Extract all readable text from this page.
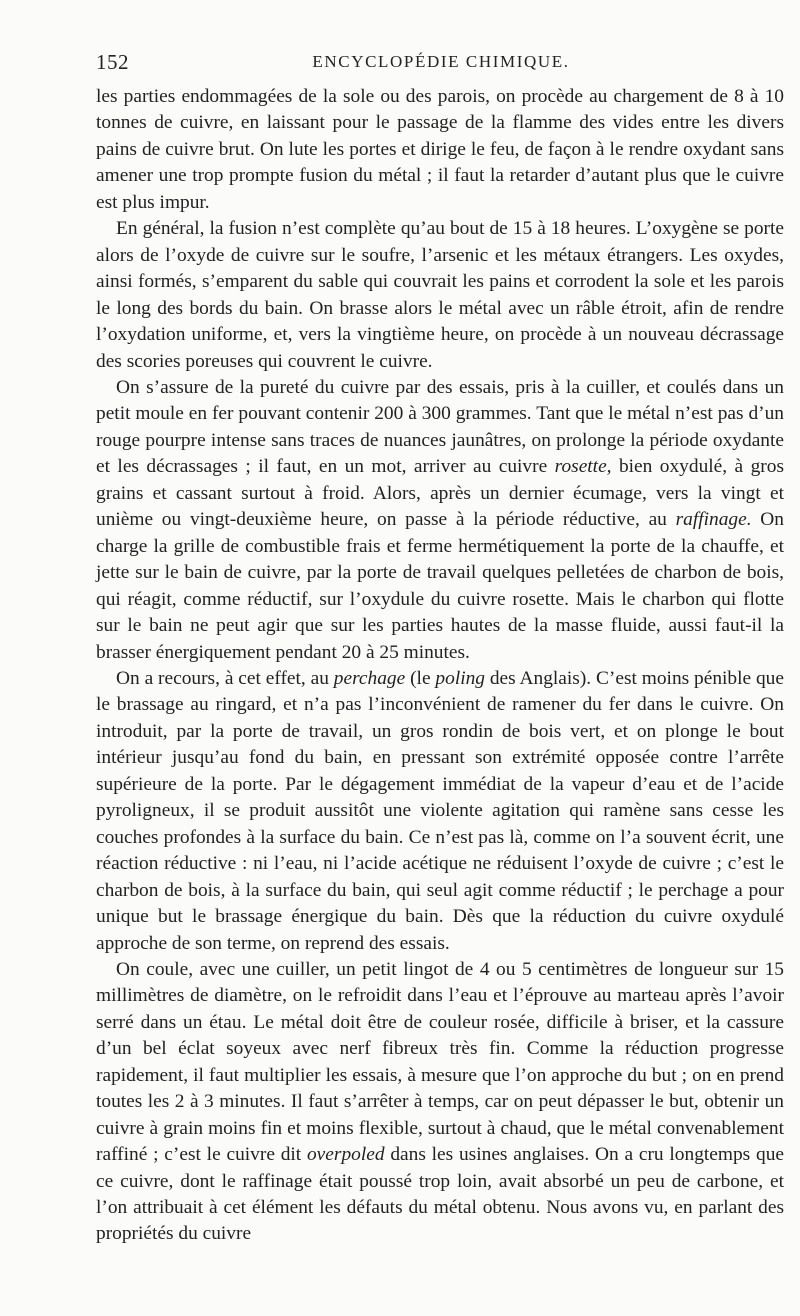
152	ENCYCLOPÉDIE CHIMIQUE.

les parties endommagées de la sole ou des parois, on procède au chargement de 8 à 10 tonnes de cuivre, en laissant pour le passage de la flamme des vides entre les divers pains de cuivre brut. On lute les portes et dirige le feu, de façon à le rendre oxydant sans amener une trop prompte fusion du métal ; il faut la retarder d’autant plus que le cuivre est plus impur.

En général, la fusion n’est complète qu’au bout de 15 à 18 heures. L’oxygène se porte alors de l’oxyde de cuivre sur le soufre, l’arsenic et les métaux étrangers. Les oxydes, ainsi formés, s’emparent du sable qui couvrait les pains et corrodent la sole et les parois le long des bords du bain. On brasse alors le métal avec un râble étroit, afin de rendre l’oxydation uniforme, et, vers la vingtième heure, on procède à un nouveau décrassage des scories poreuses qui couvrent le cuivre.

On s’assure de la pureté du cuivre par des essais, pris à la cuiller, et coulés dans un petit moule en fer pouvant contenir 200 à 300 grammes. Tant que le métal n’est pas d’un rouge pourpre intense sans traces de nuances jaunâtres, on prolonge la période oxydante et les décrassages ; il faut, en un mot, arriver au cuivre rosette, bien oxydulé, à gros grains et cassant surtout à froid. Alors, après un dernier écumage, vers la vingt et unième ou vingt-deuxième heure, on passe à la période réductive, au raffinage. On charge la grille de combustible frais et ferme hermétiquement la porte de la chauffe, et jette sur le bain de cuivre, par la porte de travail quelques pelletées de charbon de bois, qui réagit, comme réductif, sur l’oxydule du cuivre rosette. Mais le charbon qui flotte sur le bain ne peut agir que sur les parties hautes de la masse fluide, aussi faut-il la brasser énergiquement pendant 20 à 25 minutes.

On a recours, à cet effet, au perchage (le poling des Anglais). C’est moins pénible que le brassage au ringard, et n’a pas l’inconvénient de ramener du fer dans le cuivre. On introduit, par la porte de travail, un gros rondin de bois vert, et on plonge le bout intérieur jusqu’au fond du bain, en pressant son extrémité opposée contre l’arrête supérieure de la porte. Par le dégagement immédiat de la vapeur d’eau et de l’acide pyroligneux, il se produit aussitôt une violente agitation qui ramène sans cesse les couches profondes à la surface du bain. Ce n’est pas là, comme on l’a souvent écrit, une réaction réductive : ni l’eau, ni l’acide acétique ne réduisent l’oxyde de cuivre ; c’est le charbon de bois, à la surface du bain, qui seul agit comme réductif ; le perchage a pour unique but le brassage énergique du bain. Dès que la réduction du cuivre oxydulé approche de son terme, on reprend des essais.

On coule, avec une cuiller, un petit lingot de 4 ou 5 centimètres de longueur sur 15 millimètres de diamètre, on le refroidit dans l’eau et l’éprouve au marteau après l’avoir serré dans un étau. Le métal doit être de couleur rosée, difficile à briser, et la cassure d’un bel éclat soyeux avec nerf fibreux très fin. Comme la réduction progresse rapidement, il faut multiplier les essais, à mesure que l’on approche du but ; on en prend toutes les 2 à 3 minutes. Il faut s’arrêter à temps, car on peut dépasser le but, obtenir un cuivre à grain moins fin et moins flexible, surtout à chaud, que le métal convenablement raffiné ; c’est le cuivre dit overpoled dans les usines anglaises. On a cru longtemps que ce cuivre, dont le raffinage était poussé trop loin, avait absorbé un peu de carbone, et l’on attribuait à cet élément les défauts du métal obtenu. Nous avons vu, en parlant des propriétés du cuivre
